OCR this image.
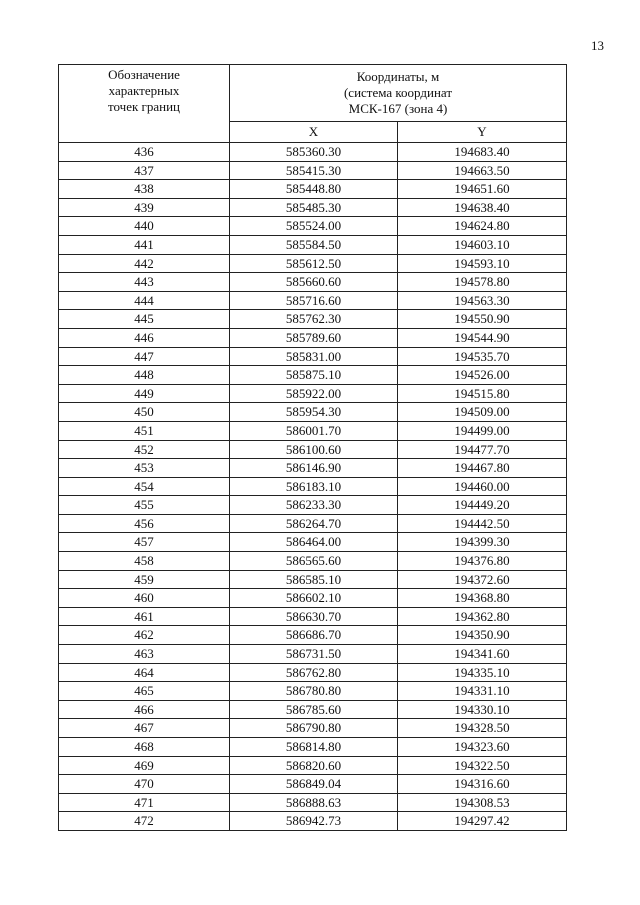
13
Обозначение
характерных
точек границ	Координаты, м
(система координат
МСК-167 (зона 4)	

	X	Y
436	585360.30	194683.40
437	585415.30	194663.50
438	585448.80	194651.60
439	585485.30	194638.40
440	585524.00	194624.80
441	585584.50	194603.10
442	585612.50	194593.10
443	585660.60	194578.80
444	585716.60	194563.30
445	585762.30	194550.90
446	585789.60	194544.90
447	585831.00	194535.70
448	585875.10	194526.00
449	585922.00	194515.80
450	585954.30	194509.00
451	586001.70	194499.00
452	586100.60	194477.70
453	586146.90	194467.80
454	586183.10	194460.00
455	586233.30	194449.20
456	586264.70	194442.50
457	586464.00	194399.30
458	586565.60	194376.80
459	586585.10	194372.60
460	586602.10	194368.80
461	586630.70	194362.80
462	586686.70	194350.90
463	586731.50	194341.60
464	586762.80	194335.10
465	586780.80	194331.10
466	586785.60	194330.10
467	586790.80	194328.50
468	586814.80	194323.60
469	586820.60	194322.50
470	586849.04	194316.60
471	586888.63	194308.53
472	586942.73	194297.42
